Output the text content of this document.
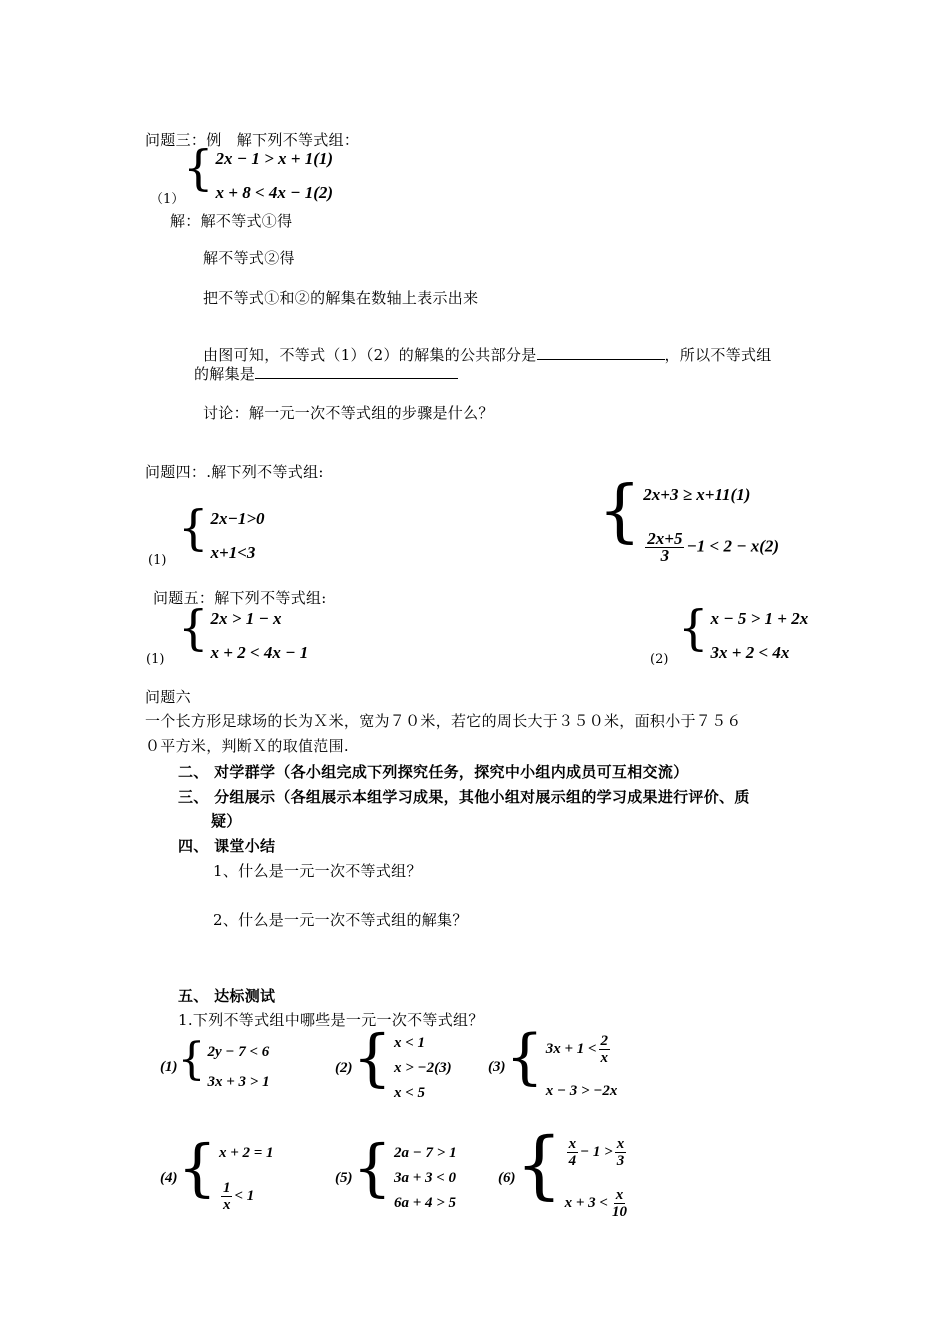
问题三：例　解下列不等式组：
{ 2x − 1 > x + 1(1)
x + 8 < 4x − 1(2)
（1）
解：解不等式①得
解不等式②得
把不等式①和②的解集在数轴上表示出来
由图可知，不等式（1）（2）的解集的公共部分是	，所以不等式组
的解集是
讨论：解一元一次不等式组的步骤是什么？
问题四：.解下列不等式组:
{ 2x−1>0
x+1<3
(1)
{ 2x+3 ≥ x+11(1)
$\frac{2x+5}{3} -1 < 2 - x(2)$
问题五：解下列不等式组:
{ 2x > 1 − x
x + 2 < 4x − 1
(1)
{ x − 5 > 1 + 2x
3x + 2 < 4x
(2)
问题六
一个长方形足球场的长为Ｘ米，宽为７０米，若它的周长大于３５０米，面积小于７５６
０平方米，判断Ｘ的取值范围.
二、 对学群学（各小组完成下列探究任务，探究中小组内成员可互相交流）
三、 分组展示（各组展示本组学习成果，其他小组对展示组的学习成果进行评价、质
疑）
四、 课堂小结
1、什么是一元一次不等式组？
2、什么是一元一次不等式组的解集？
五、 达标测试
1.下列不等式组中哪些是一元一次不等式组？
(1) { 2y − 7 < 6
3x + 3 > 1
(2) { x < 1
x > −2(3)
x < 5
(3) { $3x + 1 < \frac{2}{x}$
x − 3 > −2x
(4) { x + 2 = 1
$\frac{1}{x} < 1$
(5) { 2a − 7 > 1
3a + 3 < 0
6a + 4 > 5
(6) { $\frac{x}{4} - 1 > \frac{x}{3}$
$x + 3 < \frac{x}{10}$
